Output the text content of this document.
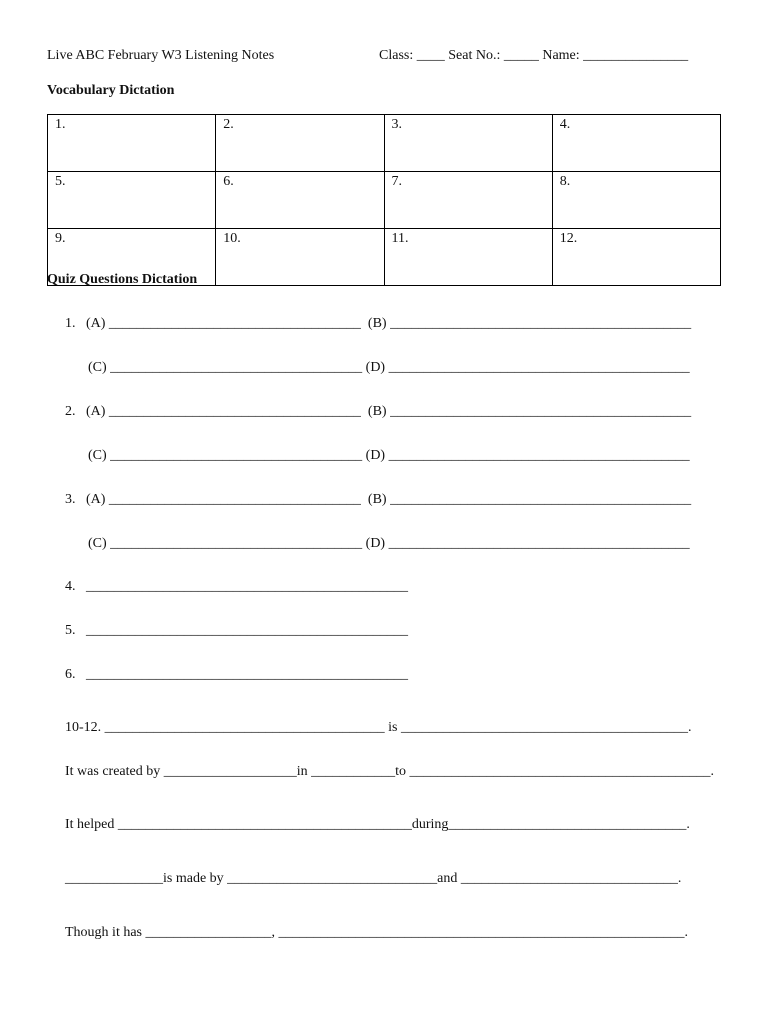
Live ABC February W3 Listening Notes	Class: ____ Seat No.: _____ Name: _______________
Vocabulary Dictation
1.	2.	3.	4.
5.	6.	7.	8.
9.	10.	11.	12.
Quiz Questions Dictation
1.   (A) ____________________________________  (B) ___________________________________________
(C) ____________________________________ (D) ___________________________________________
2.   (A) ____________________________________  (B) ___________________________________________
(C) ____________________________________ (D) ___________________________________________
3.   (A) ____________________________________  (B) ___________________________________________
(C) ____________________________________ (D) ___________________________________________
4.   ______________________________________________
5.   ______________________________________________
6.   ______________________________________________
10-12. ________________________________________ is _________________________________________.
It was created by ___________________in ____________to ___________________________________________.
It helped __________________________________________during__________________________________.
______________is made by ______________________________and _______________________________.
Though it has __________________, __________________________________________________________.
